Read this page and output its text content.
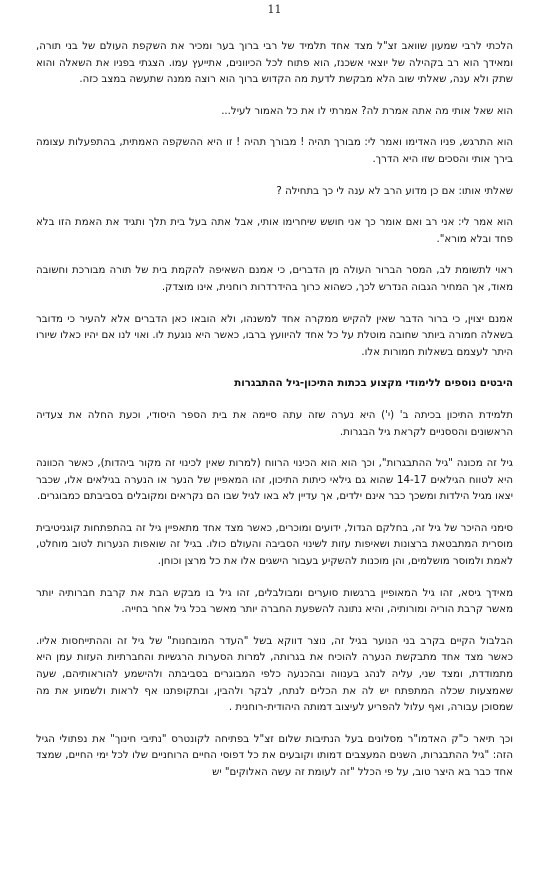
11

הלכתי לרבי שמעון שוואב זצ"ל מצד אחד תלמיד של רבי ברוך בער ומכיר את השקפת העולם של בני תורה, ומאידך הוא רב בקהילה של יוצאי אשכנז, הוא פתוח לכל הכיוונים, אתייעץ עמו. הצגתי בפניו את השאלה והוא שתק ולא ענה, שאלתי שוב הלא מבקשת לדעת מה הקדוש ברוך הוא רוצה ממנה שתעשה במצב כזה.

הוא שאל אותי מה אתה אמרת לה? אמרתי לו את כל האמור לעיל...

הוא התרגש, פניו האדימו ואמר לי: מבורך תהיה ! מבורך תהיה ! זו היא ההשקפה האמתית, בהתפעלות עצומה בירך אותי והסכים שזו היא הדרך.

שאלתי אותו: אם כן מדוע הרב לא ענה לי כך בתחילה ?

הוא אמר לי: אני רב ואם אומר כך אני חושש שיחרימו אותי, אבל אתה בעל בית תלך ותגיד את האמת הזו בלא פחד ובלא מורא".

ראוי לתשומת לב, המסר הברור העולה מן הדברים, כי אמנם השאיפה להקמת בית של תורה מבורכת וחשובה מאוד, אך המחיר הגבוה הנדרש לכך, כשהוא כרוך בהידרדרות רוחנית, אינו מוצדק.

אמנם יצוין, כי ברור הדבר שאין להקיש ממקרה אחד למשנהו, ולא הובאו כאן הדברים אלא להעיר כי מדובר בשאלה חמורה ביותר שחובה מוטלת על כל אחד להיוועץ ברבו, כאשר היא נוגעת לו. ואוי לנו אם יהיו כאלו שיורו היתר לעצמם בשאלות חמורות אלו.

היבטים נוספים ללימודי מקצוע בכתות התיכון-גיל ההתבגרות

תלמידת התיכון בכיתה ב' (י') היא נערה שזה עתה סיימה את בית הספר היסודי, וכעת החלה את צעדיה הראשונים והססניים לקראת גיל הבגרות.

גיל זה מכונה "גיל ההתבגרות", וכך הוא הוא הכינוי הרווח (למרות שאין לכינוי זה מקור ביהדות), כאשר הכוונה היא לטווח הגילאים 14-17 שהוא גם גילאי כיתות התיכון, זהו המאפיין של הנער או הנערה בגילאים אלו, שכבר יצאו מגיל הילדות ומשכך כבר אינם ילדים, אך עדיין לא באו לגיל שבו הם נקראים ומקובלים בסביבתם כמבוגרים.

סימני ההיכר של גיל זה, בחלקם הגדול, ידועים ומוכרים, כאשר מצד אחד מתאפיין גיל זה בהתפתחות קוגניטיבית מוסרית המתבטאת ברצונות ושאיפות עזות לשינוי הסביבה והעולם כולו. בגיל זה שואפות הנערות לטוב מוחלט, לאמת ולמוסר מושלמים, והן מוכנות להשקיע בעבור הישגים אלו את כל מרצן וכוחן.

מאידך גיסא, זהו גיל המאופיין ברגשות סוערים ומבולבלים, זהו גיל בו מבקש הבת את קרבת חברותיה יותר מאשר קרבת הוריה ומורותיה, והיא נתונה להשפעת החברה יותר מאשר בכל גיל אחר בחייה.

הבלבול הקיים בקרב בני הנוער בגיל זה, נוצר דווקא בשל "העדר המובחנות" של גיל זה וההתייחסות אליו. כאשר מצד אחד מתבקשת הנערה להוכיח את בגרותה, למרות הסערות הרגשיות והחברתיות העזות עמן היא מתמודדת, ומצד שני, עליה לנהג בענווה ובהכנעה כלפי המבוגרים בסביבתה ולהישמע להוראותיהם, שעה שאמצעות שכלה המתפתח יש לה את הכלים לנתח, לבקר ולהבין, ובתקופתנו אף לראות ולשמוע את מה שמסוכן עבורה, ואף עלול להפריע לעיצוב דמותה היהודית-רוחנית .

וכך תיאר כ"ק האדמו"ר מסלונים בעל הנתיבות שלום זצ"ל בפתיחה לקונטרס "נתיבי חינוך" את נפתולי הגיל הזה: "גיל ההתבגרות, השנים המעצבים דמותו וקובעים את כל דפוסי החיים הרוחניים שלו לכל ימי החיים, שמצד אחד כבר בא היצר טוב, על פי הכלל "זה לעומת זה עשה האלוקים" יש
